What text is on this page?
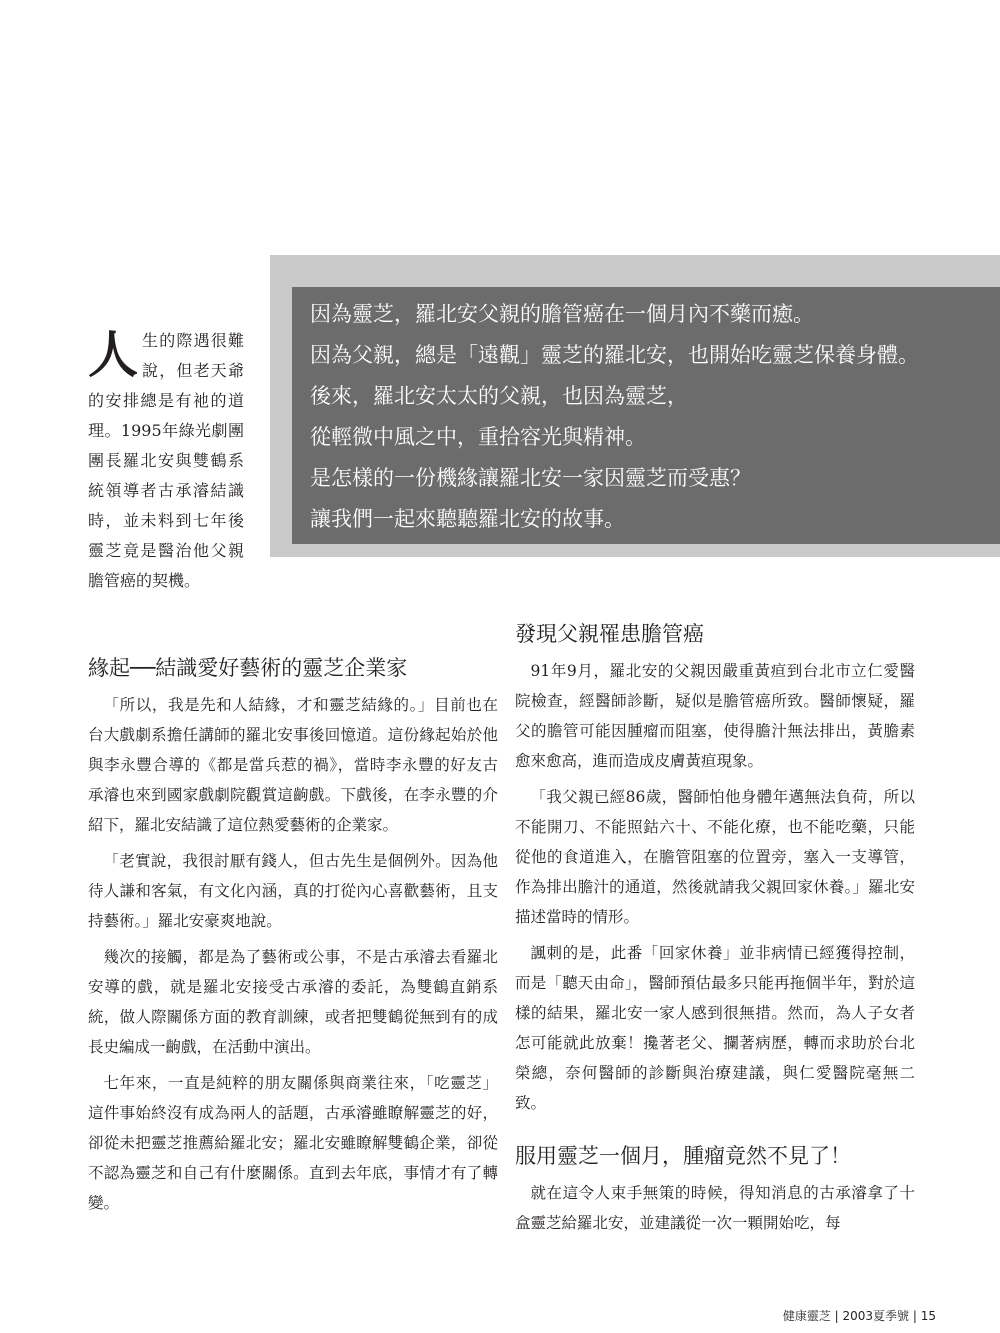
因為靈芝，羅北安父親的膽管癌在一個月內不藥而癒。
因為父親，總是「遠觀」靈芝的羅北安，也開始吃靈芝保養身體。
後來，羅北安太太的父親，也因為靈芝，
從輕微中風之中，重拾容光與精神。
是怎樣的一份機緣讓羅北安一家因靈芝而受惠？
讓我們一起來聽聽羅北安的故事。
人 生的際遇很難說，但老天爺的安排總是有祂的道理。1995年綠光劇團團長羅北安與雙鶴系統領導者古承濬結識時，並未料到七年後靈芝竟是醫治他父親膽管癌的契機。
緣起──結識愛好藝術的靈芝企業家

「所以，我是先和人結緣，才和靈芝結緣的。」目前也在台大戲劇系擔任講師的羅北安事後回憶道。這份緣起始於他與李永豐合導的《都是當兵惹的禍》，當時李永豐的好友古承濬也來到國家戲劇院觀賞這齣戲。下戲後，在李永豐的介紹下，羅北安結識了這位熱愛藝術的企業家。

「老實說，我很討厭有錢人，但古先生是個例外。因為他待人謙和客氣，有文化內涵，真的打從內心喜歡藝術，且支持藝術。」羅北安豪爽地說。

幾次的接觸，都是為了藝術或公事，不是古承濬去看羅北安導的戲，就是羅北安接受古承濬的委託，為雙鶴直銷系統，做人際關係方面的教育訓練，或者把雙鶴從無到有的成長史編成一齣戲，在活動中演出。

七年來，一直是純粹的朋友關係與商業往來，「吃靈芝」這件事始終沒有成為兩人的話題，古承濬雖瞭解靈芝的好，卻從未把靈芝推薦給羅北安；羅北安雖瞭解雙鶴企業，卻從不認為靈芝和自己有什麼關係。直到去年底，事情才有了轉變。

發現父親罹患膽管癌

91年9月，羅北安的父親因嚴重黃疸到台北市立仁愛醫院檢查，經醫師診斷，疑似是膽管癌所致。醫師懷疑，羅父的膽管可能因腫瘤而阻塞，使得膽汁無法排出，黃膽素愈來愈高，進而造成皮膚黃疸現象。

「我父親已經86歲，醫師怕他身體年邁無法負荷，所以不能開刀、不能照鈷六十、不能化療，也不能吃藥，只能從他的食道進入，在膽管阻塞的位置旁，塞入一支導管，作為排出膽汁的通道，然後就請我父親回家休養。」羅北安描述當時的情形。

諷刺的是，此番「回家休養」並非病情已經獲得控制，而是「聽天由命」，醫師預估最多只能再拖個半年，對於這樣的結果，羅北安一家人感到很無措。然而，為人子女者怎可能就此放棄！攙著老父、攔著病歷，轉而求助於台北榮總，奈何醫師的診斷與治療建議，與仁愛醫院毫無二致。

服用靈芝一個月，腫瘤竟然不見了！

就在這令人束手無策的時候，得知消息的古承濬拿了十盒靈芝給羅北安，並建議從一次一顆開始吃，每

健康靈芝 | 2003夏季號 | 15
